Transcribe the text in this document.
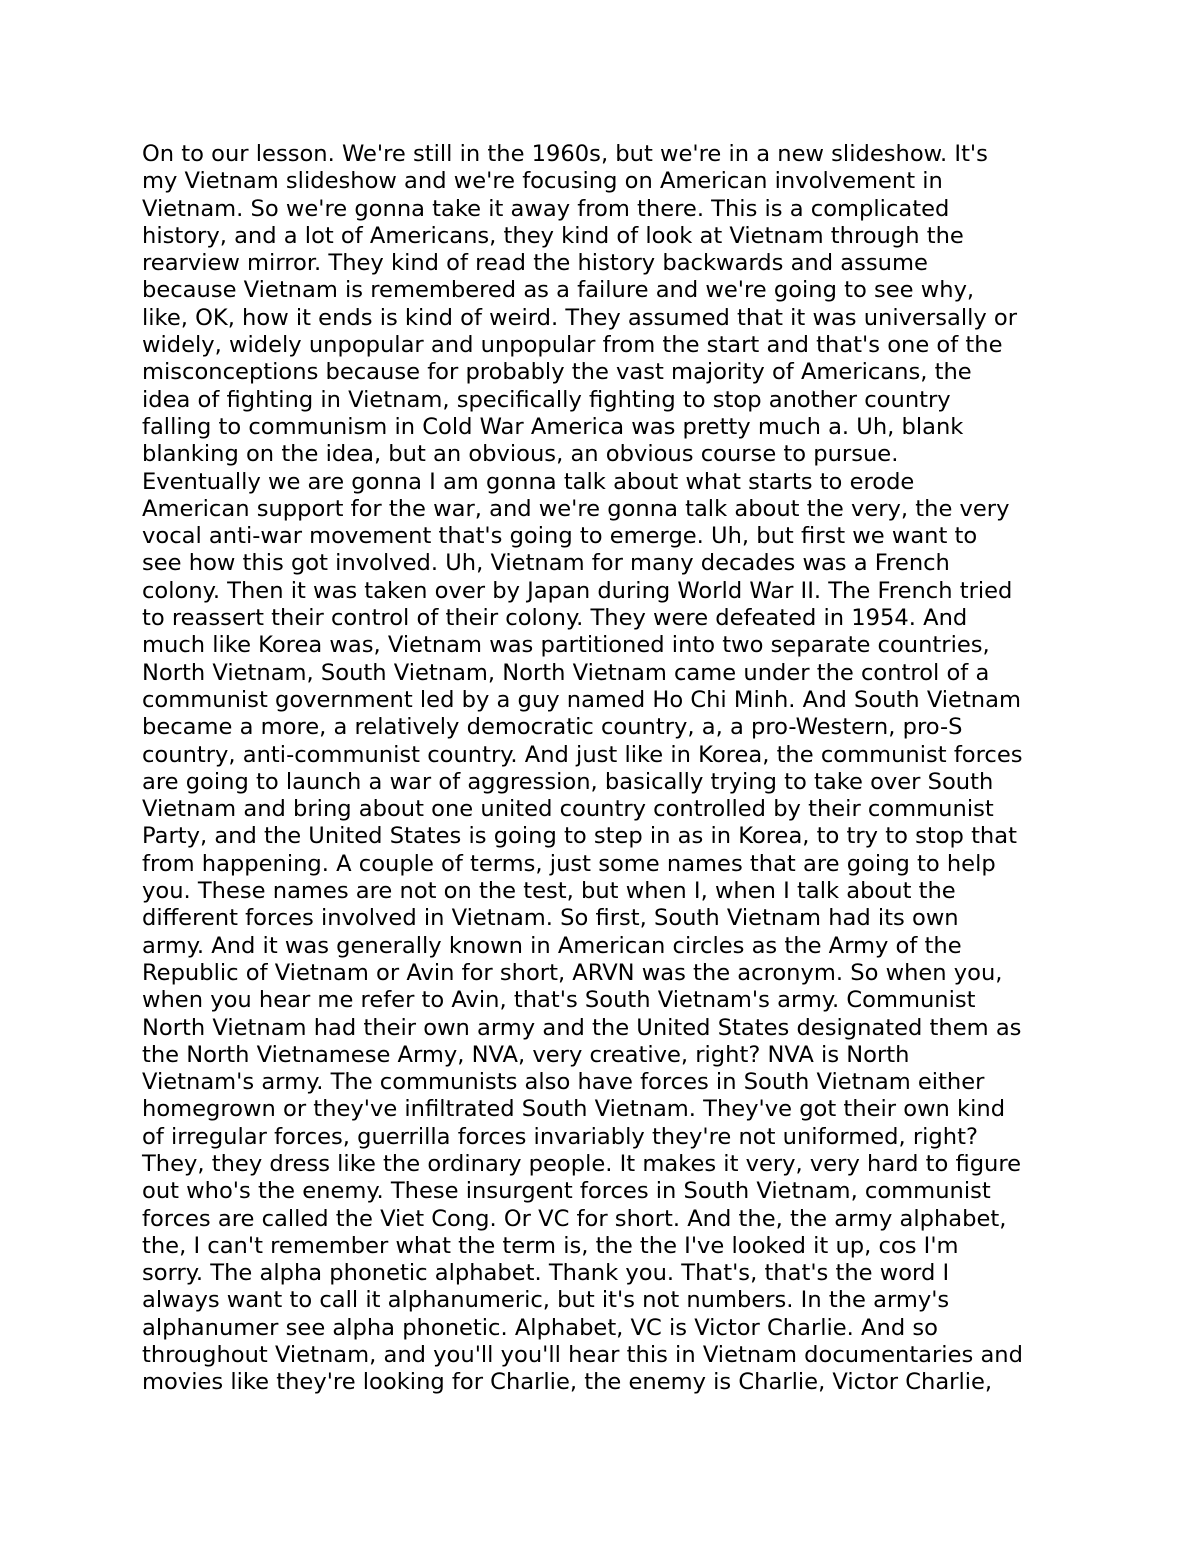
On to our lesson. We're still in the 1960s, but we're in a new slideshow. It's
my Vietnam slideshow and we're focusing on American involvement in
Vietnam. So we're gonna take it away from there. This is a complicated
history, and a lot of Americans, they kind of look at Vietnam through the
rearview mirror. They kind of read the history backwards and assume
because Vietnam is remembered as a failure and we're going to see why,
like, OK, how it ends is kind of weird. They assumed that it was universally or
widely, widely unpopular and unpopular from the start and that's one of the
misconceptions because for probably the vast majority of Americans, the
idea of fighting in Vietnam, specifically fighting to stop another country
falling to communism in Cold War America was pretty much a. Uh, blank
blanking on the idea, but an obvious, an obvious course to pursue.
Eventually we are gonna I am gonna talk about what starts to erode
American support for the war, and we're gonna talk about the very, the very
vocal anti-war movement that's going to emerge. Uh, but first we want to
see how this got involved. Uh, Vietnam for many decades was a French
colony. Then it was taken over by Japan during World War II. The French tried
to reassert their control of their colony. They were defeated in 1954. And
much like Korea was, Vietnam was partitioned into two separate countries,
North Vietnam, South Vietnam, North Vietnam came under the control of a
communist government led by a guy named Ho Chi Minh. And South Vietnam
became a more, a relatively democratic country, a, a pro-Western, pro-S
country, anti-communist country. And just like in Korea, the communist forces
are going to launch a war of aggression, basically trying to take over South
Vietnam and bring about one united country controlled by their communist
Party, and the United States is going to step in as in Korea, to try to stop that
from happening. A couple of terms, just some names that are going to help
you. These names are not on the test, but when I, when I talk about the
different forces involved in Vietnam. So first, South Vietnam had its own
army. And it was generally known in American circles as the Army of the
Republic of Vietnam or Avin for short, ARVN was the acronym. So when you,
when you hear me refer to Avin, that's South Vietnam's army. Communist
North Vietnam had their own army and the United States designated them as
the North Vietnamese Army, NVA, very creative, right? NVA is North
Vietnam's army. The communists also have forces in South Vietnam either
homegrown or they've infiltrated South Vietnam. They've got their own kind
of irregular forces, guerrilla forces invariably they're not uniformed, right?
They, they dress like the ordinary people. It makes it very, very hard to figure
out who's the enemy. These insurgent forces in South Vietnam, communist
forces are called the Viet Cong. Or VC for short. And the, the army alphabet,
the, I can't remember what the term is, the the I've looked it up, cos I'm
sorry. The alpha phonetic alphabet. Thank you. That's, that's the word I
always want to call it alphanumeric, but it's not numbers. In the army's
alphanumer see alpha phonetic. Alphabet, VC is Victor Charlie. And so
throughout Vietnam, and you'll you'll hear this in Vietnam documentaries and
movies like they're looking for Charlie, the enemy is Charlie, Victor Charlie,
